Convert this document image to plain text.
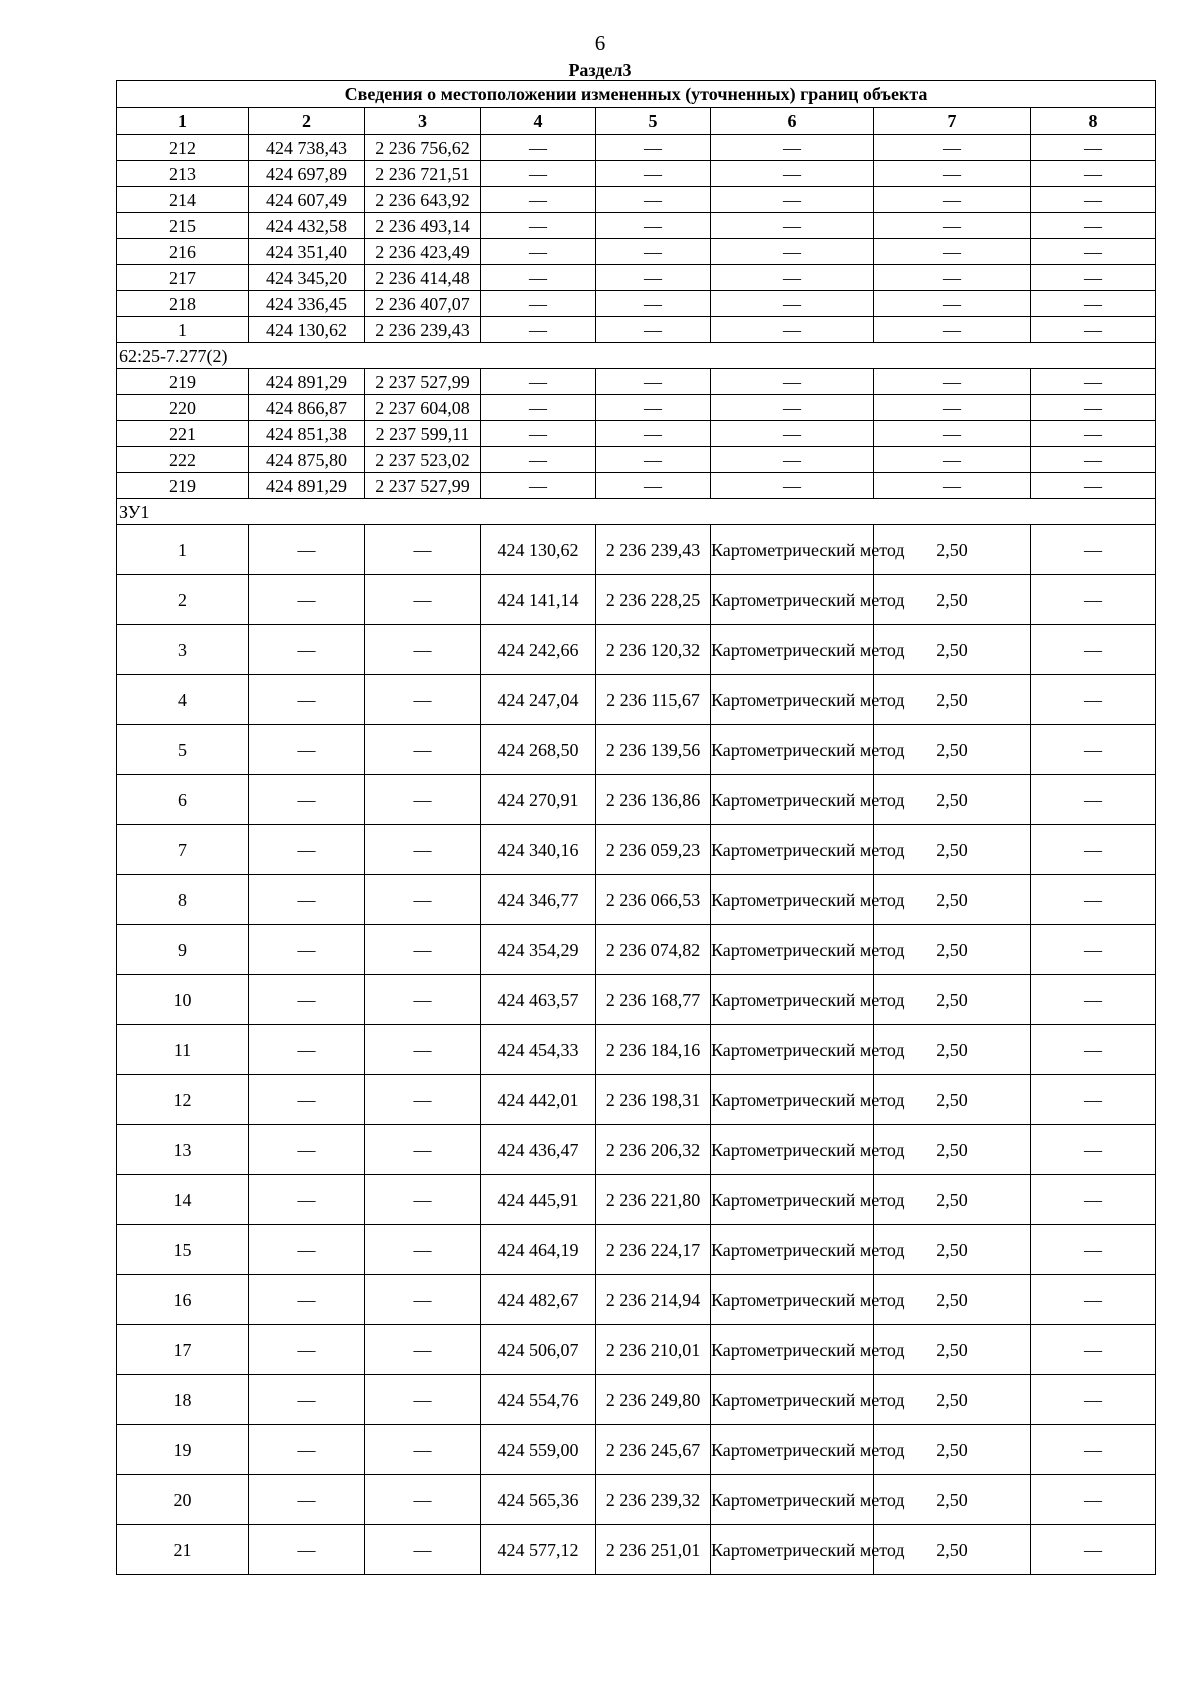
6
Раздел3
Сведения о местоположении измененных (уточненных) границ объекта							
1	2	3	4	5	6	7	8
212	424 738,43	2 236 756,62	—	—	—	—	—
213	424 697,89	2 236 721,51	—	—	—	—	—
214	424 607,49	2 236 643,92	—	—	—	—	—
215	424 432,58	2 236 493,14	—	—	—	—	—
216	424 351,40	2 236 423,49	—	—	—	—	—
217	424 345,20	2 236 414,48	—	—	—	—	—
218	424 336,45	2 236 407,07	—	—	—	—	—
1	424 130,62	2 236 239,43	—	—	—	—	—
62:25-7.277(2)							
219	424 891,29	2 237 527,99	—	—	—	—	—
220	424 866,87	2 237 604,08	—	—	—	—	—
221	424 851,38	2 237 599,11	—	—	—	—	—
222	424 875,80	2 237 523,02	—	—	—	—	—
219	424 891,29	2 237 527,99	—	—	—	—	—
ЗУ1							
1	—	—	424 130,62	2 236 239,43	Картометрический метод	2,50	—
2	—	—	424 141,14	2 236 228,25	Картометрический метод	2,50	—
3	—	—	424 242,66	2 236 120,32	Картометрический метод	2,50	—
4	—	—	424 247,04	2 236 115,67	Картометрический метод	2,50	—
5	—	—	424 268,50	2 236 139,56	Картометрический метод	2,50	—
6	—	—	424 270,91	2 236 136,86	Картометрический метод	2,50	—
7	—	—	424 340,16	2 236 059,23	Картометрический метод	2,50	—
8	—	—	424 346,77	2 236 066,53	Картометрический метод	2,50	—
9	—	—	424 354,29	2 236 074,82	Картометрический метод	2,50	—
10	—	—	424 463,57	2 236 168,77	Картометрический метод	2,50	—
11	—	—	424 454,33	2 236 184,16	Картометрический метод	2,50	—
12	—	—	424 442,01	2 236 198,31	Картометрический метод	2,50	—
13	—	—	424 436,47	2 236 206,32	Картометрический метод	2,50	—
14	—	—	424 445,91	2 236 221,80	Картометрический метод	2,50	—
15	—	—	424 464,19	2 236 224,17	Картометрический метод	2,50	—
16	—	—	424 482,67	2 236 214,94	Картометрический метод	2,50	—
17	—	—	424 506,07	2 236 210,01	Картометрический метод	2,50	—
18	—	—	424 554,76	2 236 249,80	Картометрический метод	2,50	—
19	—	—	424 559,00	2 236 245,67	Картометрический метод	2,50	—
20	—	—	424 565,36	2 236 239,32	Картометрический метод	2,50	—
21	—	—	424 577,12	2 236 251,01	Картометрический метод	2,50	—
